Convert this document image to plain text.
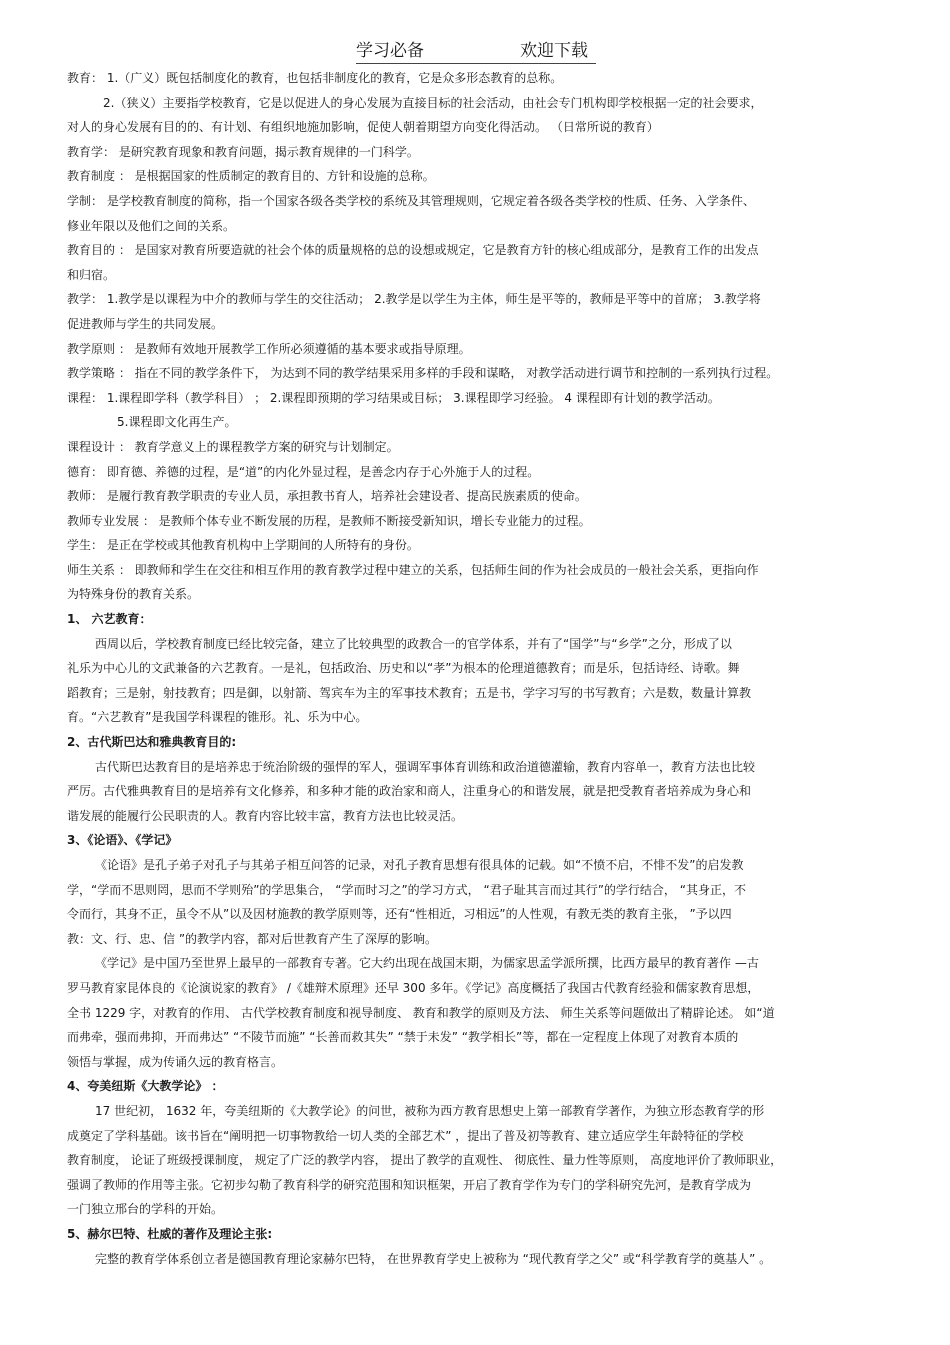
学习必备	欢迎下载
教育： 1.（广义）既包括制度化的教育，也包括非制度化的教育，它是众多形态教育的总称。
2.（狭义）主要指学校教育，它是以促进人的身心发展为直接目标的社会活动，由社会专门机构即学校根据一定的社会要求，
对人的身心发展有目的的、有计划、有组织地施加影响，促使人朝着期望方向变化得活动。 （日常所说的教育）
教育学： 是研究教育现象和教育问题，揭示教育规律的一门科学。
教育制度 ： 是根据国家的性质制定的教育目的、方针和设施的总称。
学制： 是学校教育制度的简称，指一个国家各级各类学校的系统及其管理规则，它规定着各级各类学校的性质、任务、入学条件、
修业年限以及他们之间的关系。
教育目的 ： 是国家对教育所要造就的社会个体的质量规格的总的设想或规定，它是教育方针的核心组成部分，是教育工作的出发点
和归宿。
教学： 1.教学是以课程为中介的教师与学生的交往活动； 2.教学是以学生为主体，师生是平等的，教师是平等中的首席； 3.教学将
促进教师与学生的共同发展。
教学原则 ： 是教师有效地开展教学工作所必须遵循的基本要求或指导原理。
教学策略 ： 指在不同的教学条件下， 为达到不同的教学结果采用多样的手段和谋略， 对教学活动进行调节和控制的一系列执行过程。
课程： 1.课程即学科（教学科目） ； 2.课程即预期的学习结果或目标； 3.课程即学习经验。 4 课程即有计划的教学活动。
5.课程即文化再生产。
课程设计 ： 教育学意义上的课程教学方案的研究与计划制定。
德育： 即育德、养德的过程，是“道”的内化外显过程，是善念内存于心外施于人的过程。
教师： 是履行教育教学职责的专业人员，承担教书育人，培养社会建设者、提高民族素质的使命。
教师专业发展 ： 是教师个体专业不断发展的历程，是教师不断接受新知识，增长专业能力的过程。
学生： 是正在学校或其他教育机构中上学期间的人所特有的身份。
师生关系 ： 即教师和学生在交往和相互作用的教育教学过程中建立的关系，包括师生间的作为社会成员的一般社会关系，更指向作
为特殊身份的教育关系。
1、 六艺教育：
西周以后，学校教育制度已经比较完备，建立了比较典型的政教合一的官学体系，并有了“国学”与“乡学”之分，形成了以
礼乐为中心儿的文武兼备的六艺教育。一是礼，包括政治、历史和以“孝”为根本的伦理道德教育；而是乐，包括诗经、诗歌。舞
蹈教育；三是射，射技教育；四是御，以射箭、驾宾车为主的军事技术教育；五是书，学字习写的书写教育；六是数，数量计算教
育。“六艺教育”是我国学科课程的锥形。礼、乐为中心。
2、古代斯巴达和雅典教育目的:
古代斯巴达教育目的是培养忠于统治阶级的强悍的军人，强调军事体育训练和政治道德灌输，教育内容单一，教育方法也比较
严厉。古代雅典教育目的是培养有文化修养，和多种才能的政治家和商人，注重身心的和谐发展，就是把受教育者培养成为身心和
谐发展的能履行公民职责的人。教育内容比较丰富，教育方法也比较灵活。
3、《论语》、《学记》
《论语》是孔子弟子对孔子与其弟子相互问答的记录，对孔子教育思想有很具体的记载。如“不愤不启，不悱不发”的启发教
学，“学而不思则罔，思而不学则殆”的学思集合， “学而时习之”的学习方式， “君子耻其言而过其行”的学行结合， “其身正，不
令而行，其身不正，虽令不从”以及因材施教的教学原则等，还有“性相近，习相远”的人性观，有教无类的教育主张， ”予以四
教：文、行、忠、信 ”的教学内容，都对后世教育产生了深厚的影响。
《学记》是中国乃至世界上最早的一部教育专著。它大约出现在战国末期，为儒家思孟学派所撰，比西方最早的教育著作 —古
罗马教育家昆体良的《论演说家的教育》 /《雄辩术原理》还早 300 多年。《学记》高度概括了我国古代教育经验和儒家教育思想，
全书 1229 字，对教育的作用、 古代学校教育制度和视导制度、 教育和教学的原则及方法、 师生关系等问题做出了精辟论述。 如“道
而弗牵，强而弗抑，开而弗达” “不陵节而施” “长善而救其失” “禁于未发” “教学相长”等，都在一定程度上体现了对教育本质的
领悟与掌握，成为传诵久远的教育格言。
4、夸美纽斯《大教学论》 ：
17 世纪初， 1632 年，夸美纽斯的《大教学论》的问世，被称为西方教育思想史上第一部教育学著作，为独立形态教育学的形
成奠定了学科基础。该书旨在“阐明把一切事物教给一切人类的全部艺术” ，提出了普及初等教育、建立适应学生年龄特征的学校
教育制度， 论证了班级授课制度， 规定了广泛的教学内容， 提出了教学的直观性、 彻底性、量力性等原则， 高度地评价了教师职业，
强调了教师的作用等主张。它初步勾勒了教育科学的研究范围和知识框架，开启了教育学作为专门的学科研究先河，是教育学成为
一门独立邢台的学科的开始。
5、赫尔巴特、杜威的著作及理论主张:
完整的教育学体系创立者是德国教育理论家赫尔巴特， 在世界教育学史上被称为 “现代教育学之父” 或“科学教育学的奠基人” 。
